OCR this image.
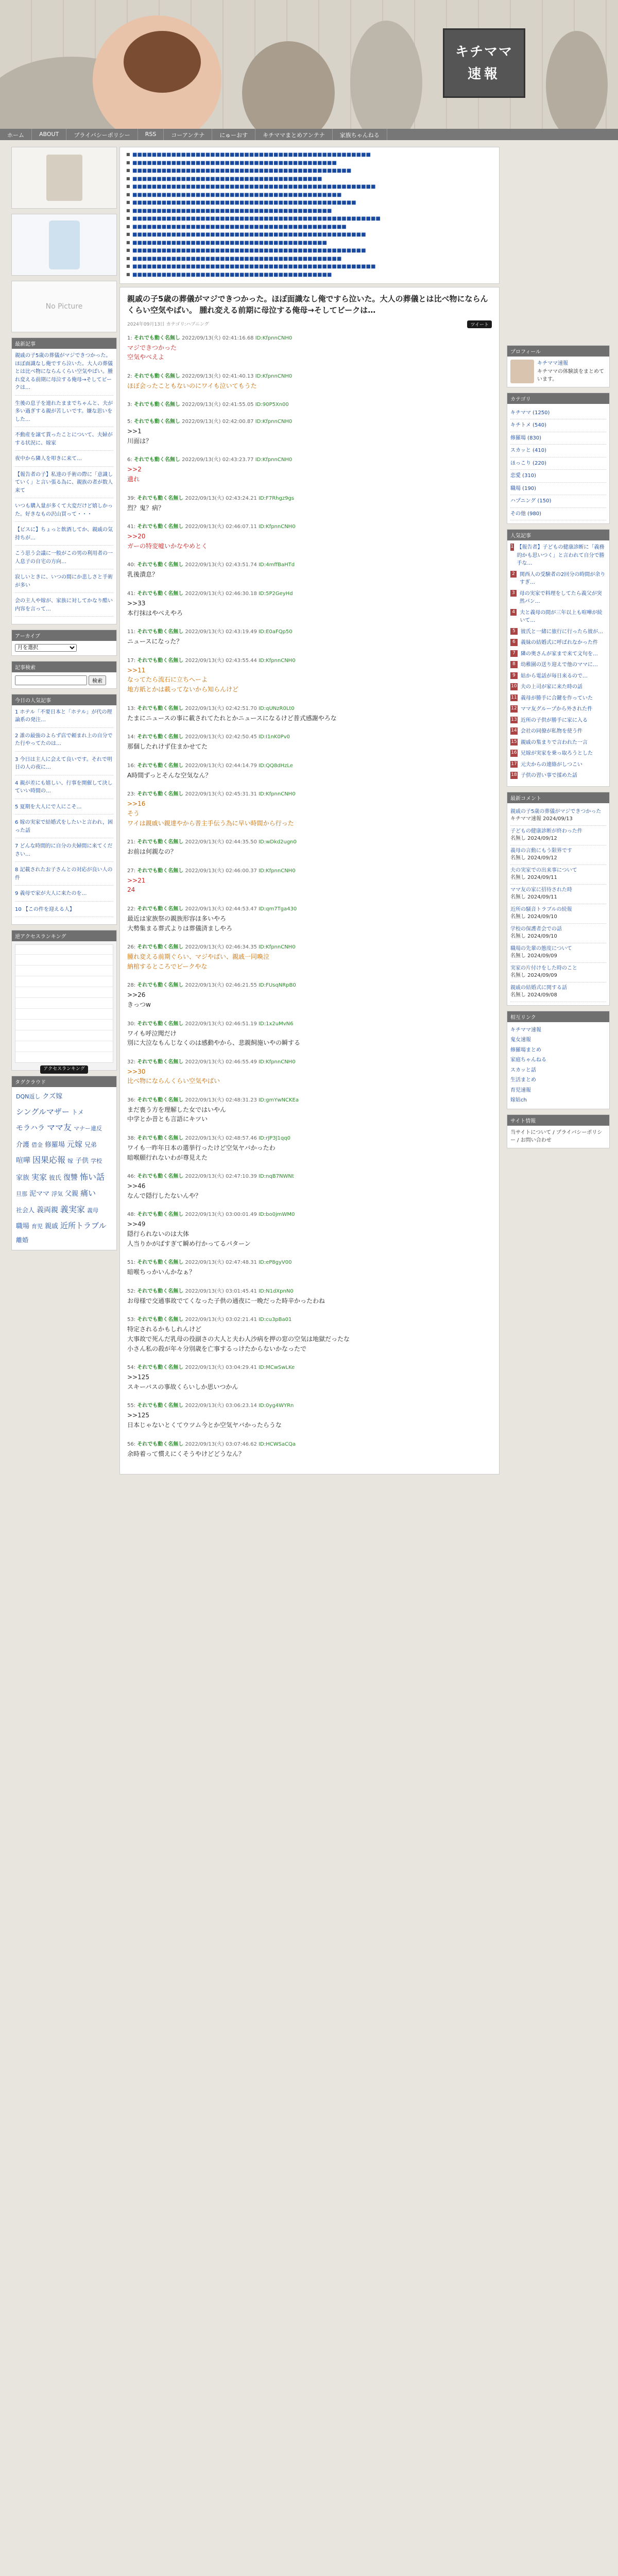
キチママ
速報
ホーム	ABOUT	プライバシーポリシー	RSS	コーアンテナ	にゅーおす	キチママまとめアンテナ	家族ちゃんねる
No Picture
最新記事
親戚の子5歳の葬儀がマジできつかった。ほぼ面識なし俺ですら泣いた。大人の葬儀とは比べ物にならんくらい空気やばい。腫れ変える前期に母泣する俺母→そしてビークは…
生後の息子を連れたままでちゃんと、夫が多い過ぎする親が苦しいです。嫌な思いをした...
不動産を譲て貰ったことについて、夫婦がする状況に、嫁家
夜中から隣人を叩きに来て…
【報告者の子】私達の手術の際に「意識していく」と言い張る為に、親族の者が数人来て
いつも購入量が多くて大変だけど嬉しかった。好きなもの沢山買って・・・
【ビスに】ちょっと飲酒してか、親戚の気持ちが…
こう思う会議に一般がこの男の利用者の一人息子の自宅の方向…
寂しいときに、いつの間にか悲しさと手術が多い
会の主人や嫁が、家族に対してかなり酷い内容を言って…
アーカイブ
月を選択
記事検索
検索
今日の人気記事
1 ホテル「不要日本と「ホテル」が代の理論系の発注…
2 誰の最強のよらず店で頼まれ上の自分でた行やってたのは…
3 今日は主人に会えて良いです。それで明日の人の夜に…
4 親が差にも嬉しい、行事を開催して決していい時間の…
5 夏期を大人にで人にこそ…
6 嫁の実家で結婚式をしたいと言われ，困った話
7 どんな時間的に自分の夫婦間に来てください…
8 記載されたお子さんとの対応が良い人の件
9 義母で家が大人に来たのを…
10 【この件を迎える人】
逆アクセスランキング
アクセスランキング
タグクラウド
DQN返し クズ嫁シングルマザー トメモラハラ ママ友 マナー違反介護 借金 修羅場 元嫁 兄弟喧嘩 因果応報 嫁 子供 学校家族 実家 彼氏 復讐 怖い話旦那 泥ママ 浮気 父親 痛い社会人 義両親 義実家 義母職場 育児 親戚 近所トラブル離婚
■ ■■■■■■■■■■■■■■■■■■■■■■■■■■■■■■■■■■■■■■■■■■■■■■■■■
■ ■■■■■■■■■■■■■■■■■■■■■■■■■■■■■■■■■■■■■■■■■■
■ ■■■■■■■■■■■■■■■■■■■■■■■■■■■■■■■■■■■■■■■■■■■■■
■ ■■■■■■■■■■■■■■■■■■■■■■■■■■■■■■■■■■■■■■■
■ ■■■■■■■■■■■■■■■■■■■■■■■■■■■■■■■■■■■■■■■■■■■■■■■■■■
■ ■■■■■■■■■■■■■■■■■■■■■■■■■■■■■■■■■■■■■■■■■■■
■ ■■■■■■■■■■■■■■■■■■■■■■■■■■■■■■■■■■■■■■■■■■■■■■
■ ■■■■■■■■■■■■■■■■■■■■■■■■■■■■■■■■■■■■■■■■■
■ ■■■■■■■■■■■■■■■■■■■■■■■■■■■■■■■■■■■■■■■■■■■■■■■■■■■
■ ■■■■■■■■■■■■■■■■■■■■■■■■■■■■■■■■■■■■■■■■■■■■
■ ■■■■■■■■■■■■■■■■■■■■■■■■■■■■■■■■■■■■■■■■■■■■■■■■
■ ■■■■■■■■■■■■■■■■■■■■■■■■■■■■■■■■■■■■■■■■
■ ■■■■■■■■■■■■■■■■■■■■■■■■■■■■■■■■■■■■■■■■■■■■■■■■
■ ■■■■■■■■■■■■■■■■■■■■■■■■■■■■■■■■■■■■■■■■■■■
■ ■■■■■■■■■■■■■■■■■■■■■■■■■■■■■■■■■■■■■■■■■■■■■■■■■■
■ ■■■■■■■■■■■■■■■■■■■■■■■■■■■■■■■■■■■■■■■■■
親戚の子5歳の葬儀がマジできつかった。ほぼ面識なし俺ですら泣いた。大人の葬儀とは比べ物にならんくらい空気やばい。 腫れ変える前期に母泣する俺母→そしてビークは…
2024年09月13日 カテゴリ:ハプニング	ツイート
1: それでも動く名無し 2022/09/13(火) 02:41:16.68 ID:KfpnnCNH0
マジできつかった
空気やべえよ
2: それでも動く名無し 2022/09/13(火) 02:41:40.13 ID:KfpnnCNH0
ほぼ会ったこともないのにワイも泣いてもうた
3: それでも動く名無し 2022/09/13(火) 02:41:55.05 ID:90P5Xn00
5: それでも動く名無し 2022/09/13(火) 02:42:00.87 ID:KfpnnCNH0
>>1
川面は？
6: それでも動く名無し 2022/09/13(火) 02:43:23.77 ID:KfpnnCNH0
>>2
遺れ
39: それでも動く名無し 2022/09/13(火) 02:43:24.21 ID:F7Rhgz9gs
烈？鬼？病？
41: それでも動く名無し 2022/09/13(火) 02:46:07.11 ID:KfpnnCNH0
>>20
ガーの特変嘘いかなやめとく
40: それでも動く名無し 2022/09/13(火) 02:43:51.74 ID:4mffBaHTd
乳後潰息？
41: それでも動く名無し 2022/09/13(火) 02:46:30.18 ID:5P2GeyHd
>>33
本行抹はやべえやろ
11: それでも動く名無し 2022/09/13(火) 02:43:19.49 ID:E0aFQp50
ニュースになった？
17: それでも動く名無し 2022/09/13(火) 02:43:55.44 ID:KfpnnCNH0
>>11
なってたら流石に立ちへーよ
地方紙とかは載ってないから知らんけど
13: それでも動く名無し 2022/09/13(火) 02:42:51.70 ID:qUNzR0Lt0
たまにニュースの事に載されてたれとかニュースになるけど普式感謝やろな
14: それでも動く名無し 2022/09/13(火) 02:42:50.45 ID:I1nK0Pv0
那個したれけず住まかせてた
16: それでも動く名無し 2022/09/13(火) 02:44:14.79 ID:QQ8dHzLe
A時間ずっとそんな空気なん？
23: それでも動く名無し 2022/09/13(火) 02:45:31.31 ID:KfpnnCNH0
>>16
そう
ワイは親戚い親達やから普主手伝う為に早い時間から行った
21: それでも動く名無し 2022/09/13(火) 02:44:35.50 ID:wDkd2ugn0
お前は何親なの？
27: それでも動く名無し 2022/09/13(火) 02:46:00.37 ID:KfpnnCNH0
>>21
24
22: それでも動く名無し 2022/09/13(火) 02:44:53.47 ID:qm7Tga430
最近は家族祭の親族形容ほ多いやろ
大勢集まる葬式よりは葬儀済ましやろ
26: それでも動く名無し 2022/09/13(火) 02:46:34.35 ID:KfpnnCNH0
腫れ変える前期ぐらい、マジやばい、親戚一同喚泣
納棺するところでビークやな
28: それでも動く名無し 2022/09/13(火) 02:46:21.55 ID:FUsqNRpB0
>>26
きっつw
30: それでも動く名無し 2022/09/13(火) 02:46:51.19 ID:1x2uMvN6
ワイも呼泣聞だけ
別に大泣なもんじなくのは感動やから、悲親飼施いやの瞬する
32: それでも動く名無し 2022/09/13(火) 02:46:55.49 ID:KfpnnCNH0
>>30
比べ物にならんくらい空気やばい
36: それでも動く名無し 2022/09/13(火) 02:48:31.23 ID:gmYwNCKEa
まだ喪う方を理解した女ではいやん
中学とか昔とも言語にキツい
38: それでも動く名無し 2022/09/13(火) 02:48:57.46 ID:rJP3J1qq0
ワイも一昨年日本の選挙行ったけど空気ヤバかったわ
暗喉願行れないわが尊見えた
46: それでも動く名無し 2022/09/13(火) 02:47:10.39 ID:nqB7NWNt
>>46
なんで隠行したないんや？
48: それでも動く名無し 2022/09/13(火) 03:00:01.49 ID:bo0jmWM0
>>49
隠行られないのは大体
人当りかがばすぎて瞬め行かってるパターン
51: それでも動く名無し 2022/09/13(火) 02:47:48.31 ID:eP8gyV00
暗喉ちっかいんかなぁ？
52: それでも動く名無し 2022/09/13(火) 03:01:45.41 ID:N1dXpnN0
お母様で交通事故でてくなった子供の通夜に一晩だった時辛かったわね
53: それでも動く名無し 2022/09/13(火) 03:02:21.41 ID:cu3pBa01
特定されるかもしれんけど
大事故で死んだ乳母の役副さの大人と夫わ人沙病を押の窓の空気は地獄だったな
小さん私の殺が年々分別歳を亡事するっけたからないかなったで
54: それでも動く名無し 2022/09/13(火) 03:04:29.41 ID:MCwSwLKe
>>125
スキーバスの事故くらいしか思いつかん
55: それでも動く名無し 2022/09/13(火) 03:06:23.14 ID:0yg4WYRn
>>125
日本じゃないとくてウツム今とか空気ヤバかったらうな
56: それでも動く名無し 2022/09/13(火) 03:07:46.62 ID:HCWSaCQa
余時着って慣えにくそうやけどどうなん？
プロフィール
キチママ速報
キチママの体験談をまとめています。
カテゴリ
キチママ (1250)
キチトメ (540)
修羅場 (830)
スカッと (410)
ほっこり (220)
恋愛 (310)
職場 (190)
ハプニング (150)
その他 (980)
人気記事
1 【報告者】子どもの健康診断に「義務的かも思いつく」と言われて自分で勝手な…
2 関西人の受験者の2回分の時間が余りすぎ…
3 母の実家で料理をしてたら義父が突然パン…
4 夫と義母の間が三年以上も喧嘩が続いて…
5	彼氏と一緒に旅行に行ったら彼が…
6	義妹の結婚式に呼ばれなかった件
7	隣の奥さんが家まで来て文句を…
8	幼稚園の送り迎えで他のママに…
9	姑から電話が毎日来るので…
10 夫の上司が家に来た時の話
11 義母が勝手に合鍵を作っていた
12 ママ友グループから外された件
13 近所の子供が勝手に家に入る
14 会社の同僚が私物を使う件
15 親戚の集まりで言われた一言
16 兄嫁が実家を乗っ取ろうとした
17 元夫からの連絡がしつこい
18 子供の習い事で揉めた話
最新コメント
親戚の子5歳の葬儀がマジできつかった
キチママ速報 2024/09/13
子どもの健康診断が終わった件
名無し 2024/09/12
義母の言動にもう限界です
名無し 2024/09/12
夫の実家での出来事について
名無し 2024/09/11
ママ友の家に招待された時
名無し 2024/09/11
近所の騒音トラブルの続報
名無し 2024/09/10
学校の保護者会での話
名無し 2024/09/10
職場の先輩の態度について
名無し 2024/09/09
実家の片付けをした時のこと
名無し 2024/09/09
親戚の結婚式に関する話
名無し 2024/09/08
相互リンク
キチママ速報
鬼女速報
修羅場まとめ
家庭ちゃんねる
スカッと話
生活まとめ
育児速報
嫁姑ch
サイト情報
当サイトについて / プライバシーポリシー / お問い合わせ
